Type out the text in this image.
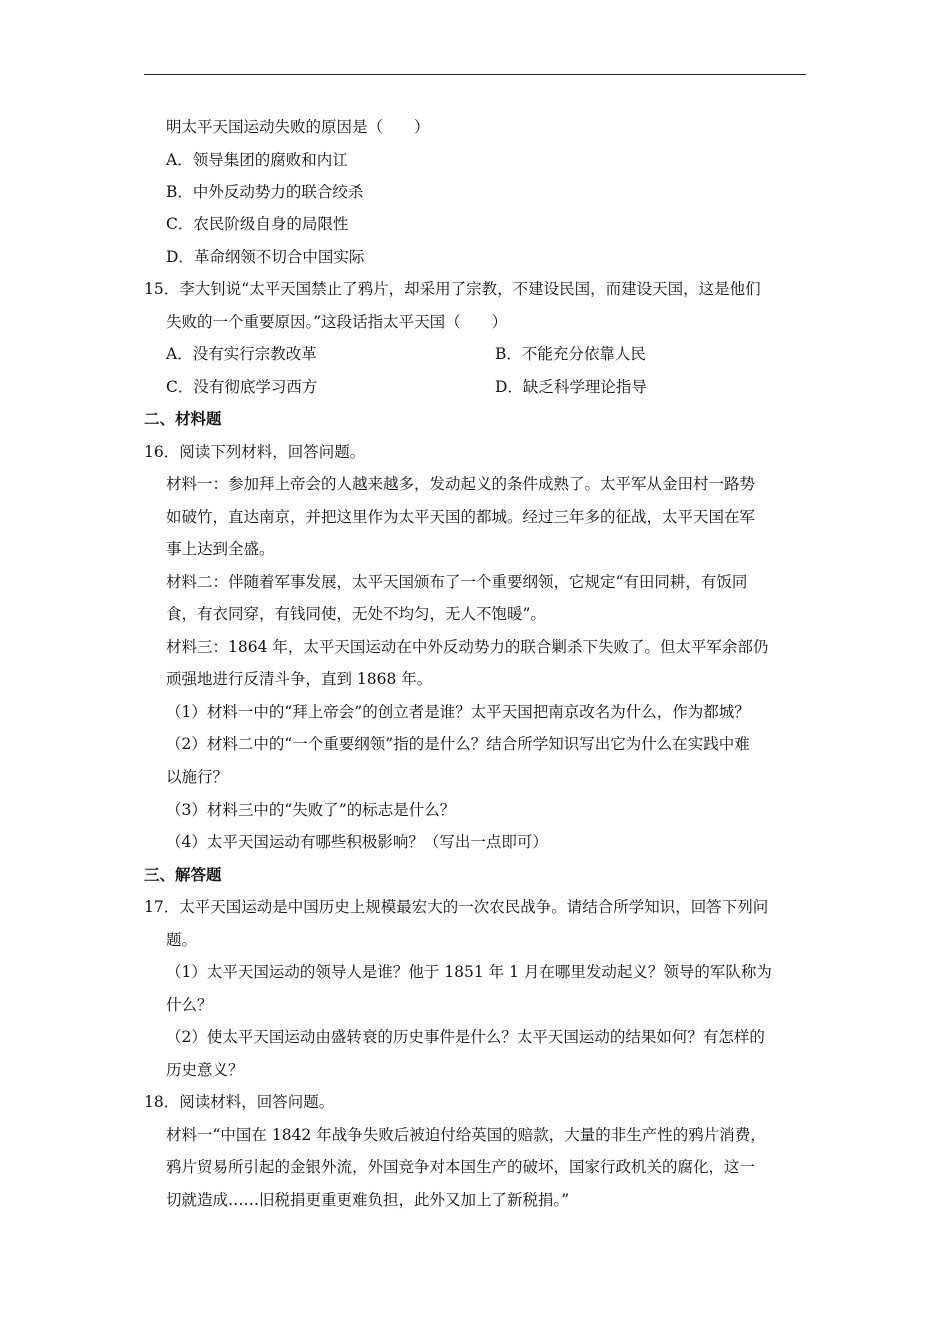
明太平天国运动失败的原因是（　　）
A．领导集团的腐败和内讧
B．中外反动势力的联合绞杀
C．农民阶级自身的局限性
D．革命纲领不切合中国实际
15．李大钊说“太平天国禁止了鸦片，却采用了宗教，不建设民国，而建设天国，这是他们
失败的一个重要原因。”这段话指太平天国（　　）
A．没有实行宗教改革	B．不能充分依靠人民
C．没有彻底学习西方	D．缺乏科学理论指导
二、材料题
16．阅读下列材料，回答问题。
材料一：参加拜上帝会的人越来越多，发动起义的条件成熟了。太平军从金田村一路势
如破竹，直达南京，并把这里作为太平天国的都城。经过三年多的征战，太平天国在军
事上达到全盛。
材料二：伴随着军事发展，太平天国颁布了一个重要纲领，它规定“有田同耕，有饭同
食，有衣同穿，有钱同使，无处不均匀，无人不饱暖”。
材料三：1864 年，太平天国运动在中外反动势力的联合剿杀下失败了。但太平军余部仍
顽强地进行反清斗争，直到 1868 年。
（1）材料一中的“拜上帝会”的创立者是谁？太平天国把南京改名为什么，作为都城？
（2）材料二中的“一个重要纲领”指的是什么？结合所学知识写出它为什么在实践中难
以施行？
（3）材料三中的“失败了”的标志是什么？
（4）太平天国运动有哪些积极影响？（写出一点即可）
三、解答题
17．太平天国运动是中国历史上规模最宏大的一次农民战争。请结合所学知识，回答下列问
题。
（1）太平天国运动的领导人是谁？他于 1851 年 1 月在哪里发动起义？领导的军队称为
什么？
（2）使太平天国运动由盛转衰的历史事件是什么？太平天国运动的结果如何？有怎样的
历史意义？
18．阅读材料，回答问题。
材料一“中国在 1842 年战争失败后被迫付给英国的赔款，大量的非生产性的鸦片消费，
鸦片贸易所引起的金银外流，外国竞争对本国生产的破坏，国家行政机关的腐化，这一
切就造成……旧税捐更重更难负担，此外又加上了新税捐。”
